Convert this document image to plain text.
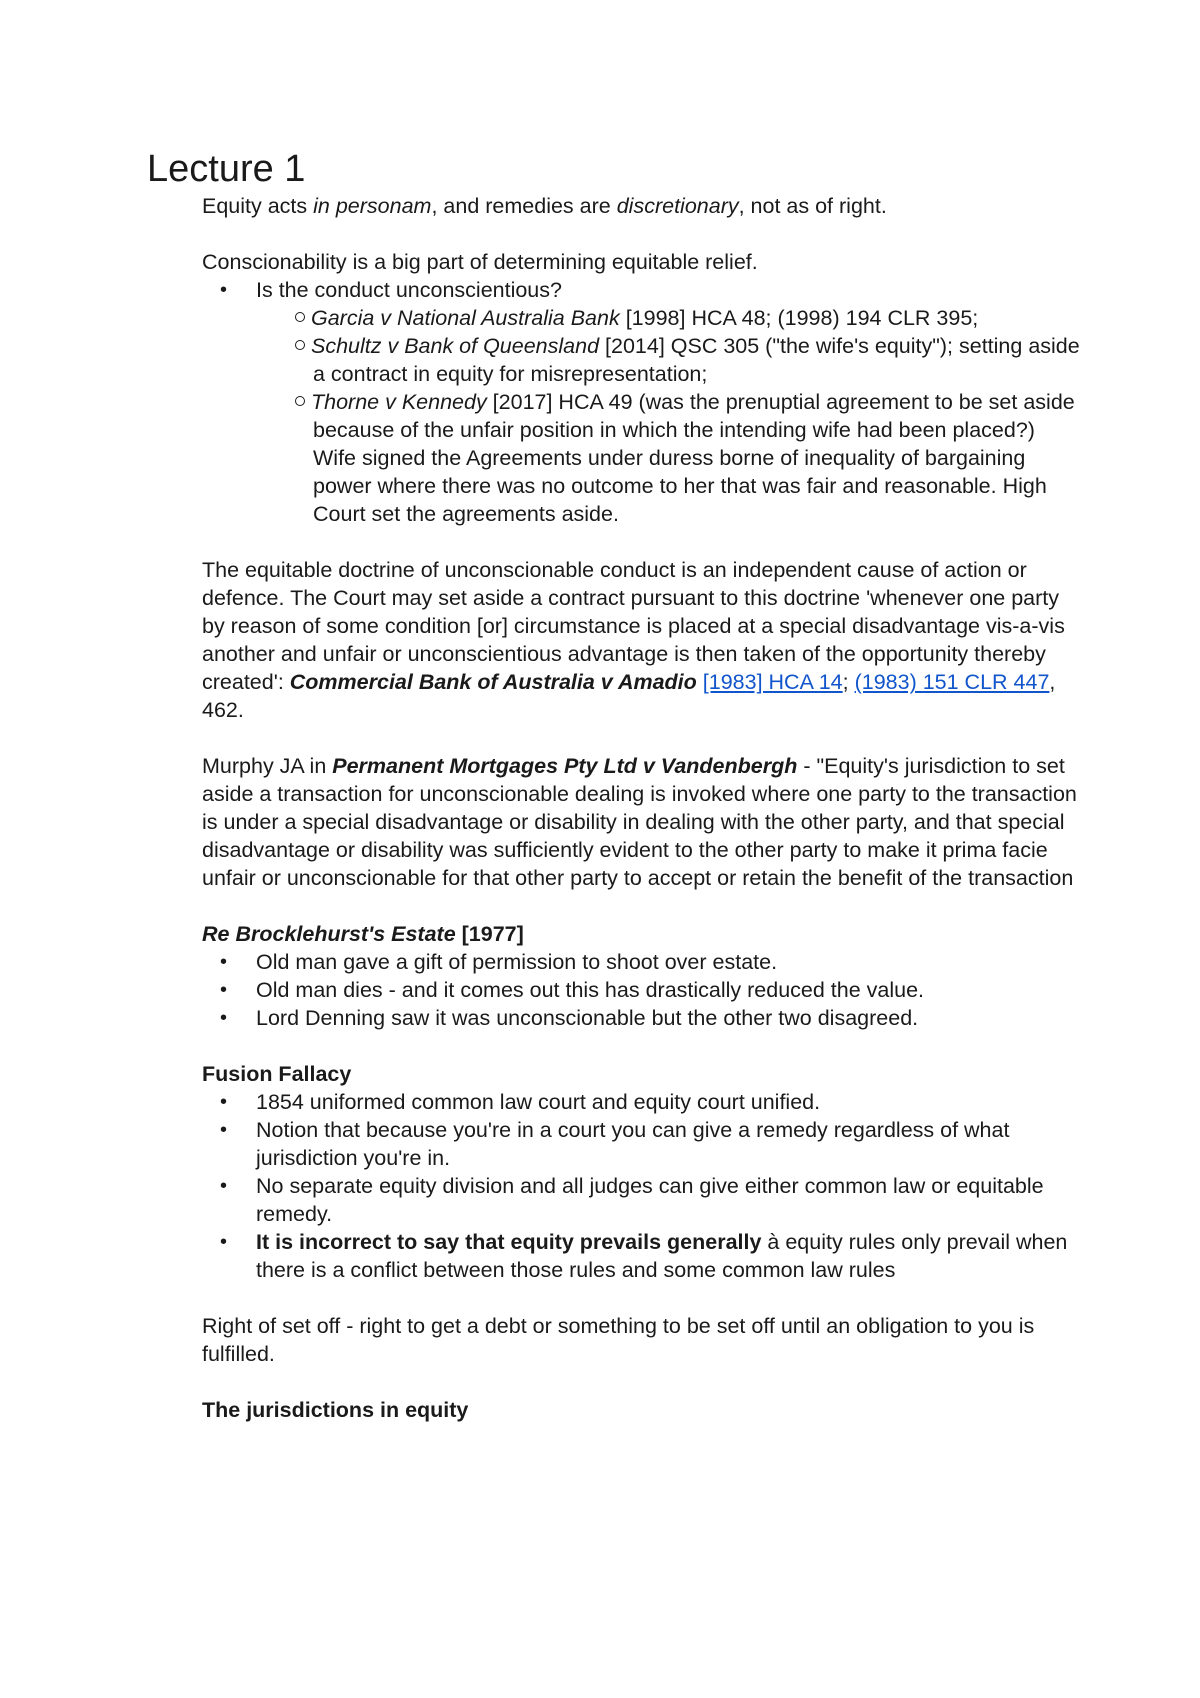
Lecture 1

Equity acts in personam, and remedies are discretionary, not as of right.

Conscionability is a big part of determining equitable relief.

• Is the conduct unconscientious?
Garcia v National Australia Bank [1998] HCA 48; (1998) 194 CLR 395;
Schultz v Bank of Queensland [2014] QSC 305 ("the wife's equity"); setting aside a contract in equity for misrepresentation;
Thorne v Kennedy [2017] HCA 49 (was the prenuptial agreement to be set aside because of the unfair position in which the intending wife had been placed?) Wife signed the Agreements under duress borne of inequality of bargaining power where there was no outcome to her that was fair and reasonable. High Court set the agreements aside.

The equitable doctrine of unconscionable conduct is an independent cause of action or defence. The Court may set aside a contract pursuant to this doctrine 'whenever one party by reason of some condition [or] circumstance is placed at a special disadvantage vis-a-vis another and unfair or unconscientious advantage is then taken of the opportunity thereby created': Commercial Bank of Australia v Amadio [1983] HCA 14; (1983) 151 CLR 447, 462.

Murphy JA in Permanent Mortgages Pty Ltd v Vandenbergh - "Equity's jurisdiction to set aside a transaction for unconscionable dealing is invoked where one party to the transaction is under a special disadvantage or disability in dealing with the other party, and that special disadvantage or disability was sufficiently evident to the other party to make it prima facie unfair or unconscionable for that other party to accept or retain the benefit of the transaction

Re Brocklehurst's Estate [1977]

• Old man gave a gift of permission to shoot over estate.
• Old man dies - and it comes out this has drastically reduced the value.
• Lord Denning saw it was unconscionable but the other two disagreed.

Fusion Fallacy

• 1854 uniformed common law court and equity court unified.
• Notion that because you're in a court you can give a remedy regardless of what jurisdiction you're in.
• No separate equity division and all judges can give either common law or equitable remedy.
• It is incorrect to say that equity prevails generally à equity rules only prevail when there is a conflict between those rules and some common law rules

Right of set off - right to get a debt or something to be set off until an obligation to you is fulfilled.

The jurisdictions in equity
